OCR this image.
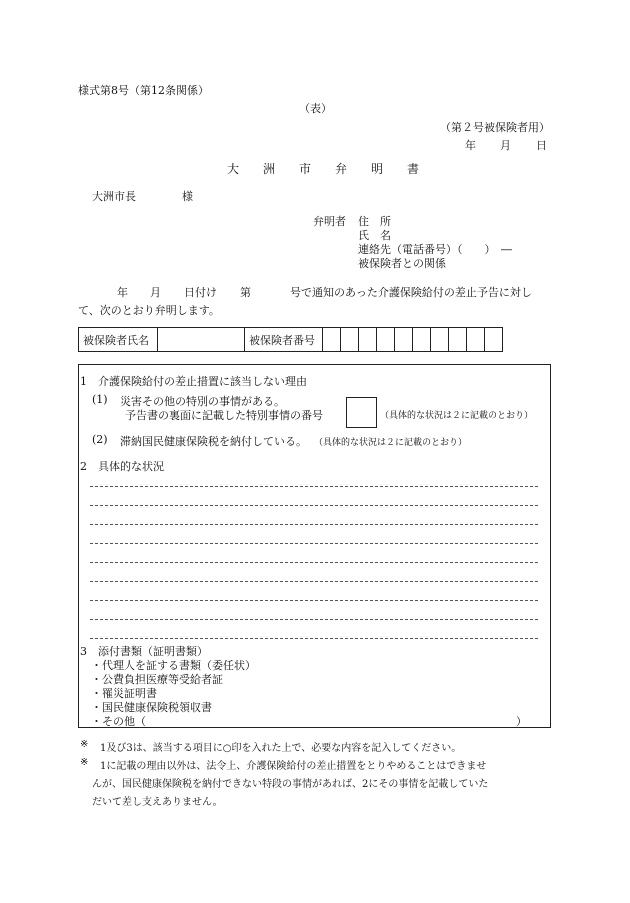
様式第8号（第12条関係）
（表）
（第２号被保険者用）
年 月 日
大　洲　市　弁　明　書
大洲市長	様
弁明者 住　所
氏　名
連絡先（電話番号）（　　）　―
被保険者との関係
年 月 日付け 第	号で通知のあった介護保険給付の差止予告に対し
て、次のとおり弁明します。
被保険者氏名		被保険者番号										
1　介護保険給付の差止措置に該当しない理由
(1) 災害その他の特別の事情がある。
予告書の裏面に記載した特別事情の番号	（具体的な状況は２に記載のとおり）
(2) 滞納国民健康保険税を納付している。 （具体的な状況は２に記載のとおり）
2　具体的な状況
3　添付書類（証明書類）
・代理人を証する書類（委任状）
・公費負担医療等受給者証
・罹災証明書
・国民健康保険税領収書
・その他（	）
※ 1及び3は、該当する項目に○印を入れた上で、必要な内容を記入してください。
※ 1に記載の理由以外は、法令上、介護保険給付の差止措置をとりやめることはできませ
んが、国民健康保険税を納付できない特段の事情があれば、2にその事情を記載していた
だいて差し支えありません。
